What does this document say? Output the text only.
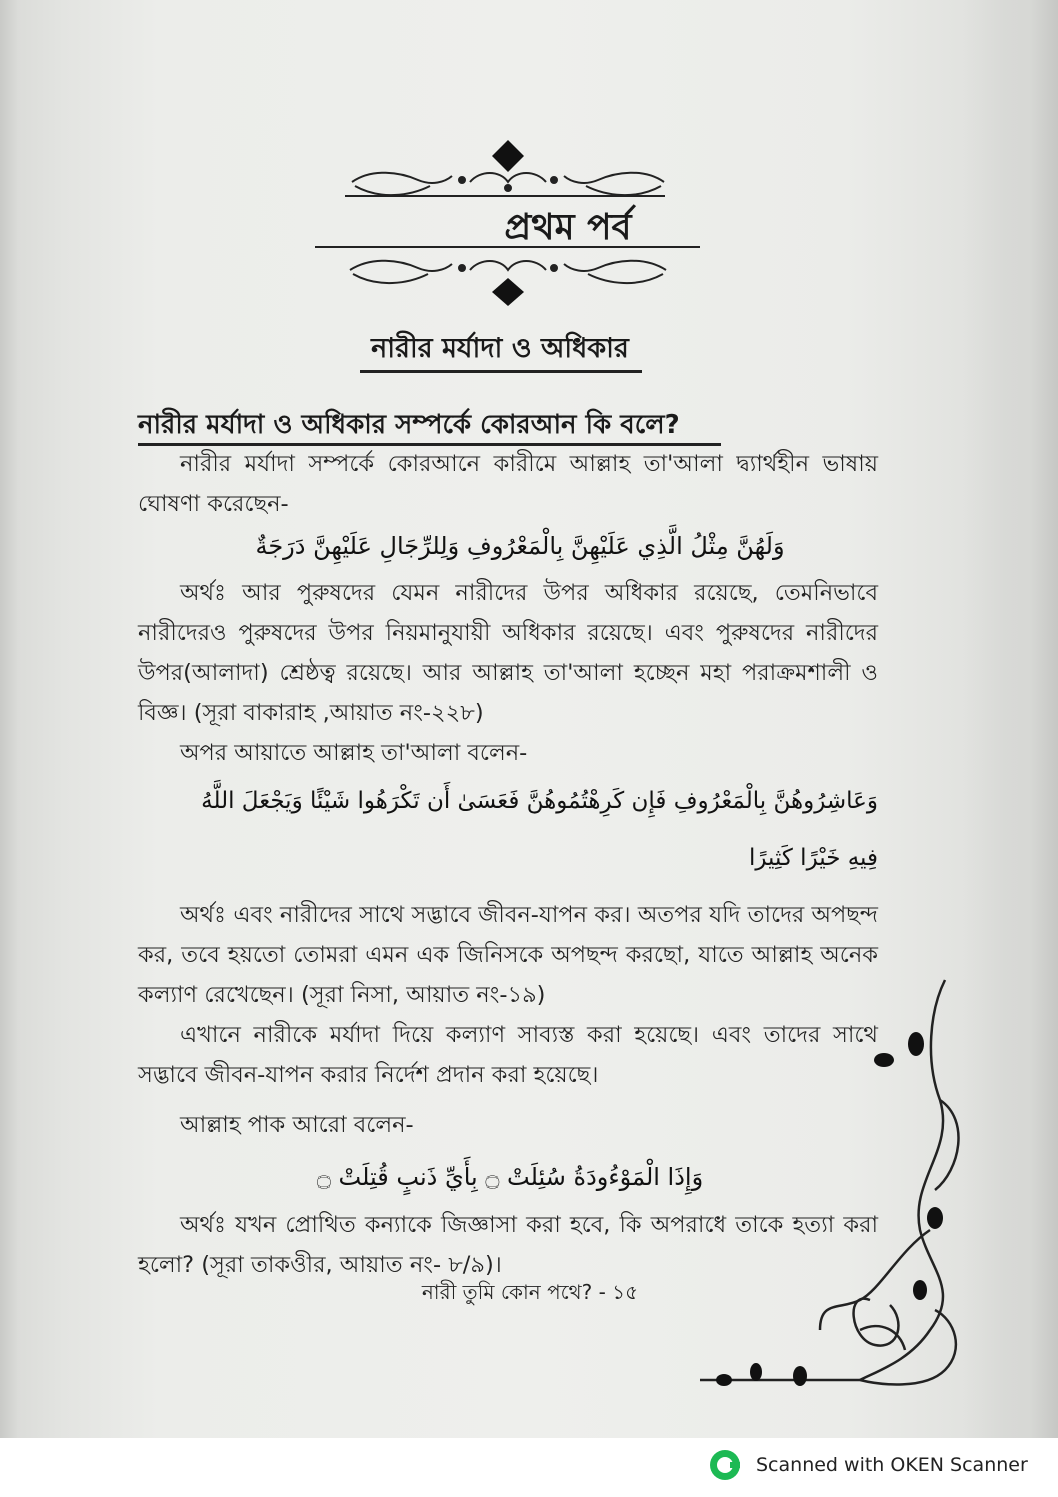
প্রথম পর্ব
নারীর মর্যাদা ও অধিকার
নারীর মর্যাদা ও অধিকার সম্পর্কে কোরআন কি বলে?
নারীর মর্যাদা সম্পর্কে কোরআনে কারীমে আল্লাহ তা'আলা দ্ব্যার্থহীন ভাষায় ঘোষণা করেছেন-
وَلَهُنَّ مِثْلُ الَّذِي عَلَيْهِنَّ بِالْمَعْرُوفِ وَلِلرِّجَالِ عَلَيْهِنَّ دَرَجَةٌ
অর্থঃ আর পুরুষদের যেমন নারীদের উপর অধিকার রয়েছে, তেমনিভাবে নারীদেরও পুরুষদের উপর নিয়মানুযায়ী অধিকার রয়েছে। এবং পুরুষদের নারীদের উপর(আলাদা) শ্রেষ্ঠত্ব রয়েছে। আর আল্লাহ তা'আলা হচ্ছেন মহা পরাক্রমশালী ও বিজ্ঞ। (সূরা বাকারাহ ,আয়াত নং-২২৮)
অপর আয়াতে আল্লাহ তা'আলা বলেন-
وَعَاشِرُوهُنَّ بِالْمَعْرُوفِ فَإِن كَرِهْتُمُوهُنَّ فَعَسَىٰ أَن تَكْرَهُوا شَيْئًا وَيَجْعَلَ اللَّهُ
فِيهِ خَيْرًا كَثِيرًا
অর্থঃ এবং নারীদের সাথে সদ্ভাবে জীবন-যাপন কর। অতপর যদি তাদের অপছন্দ কর, তবে হয়তো তোমরা এমন এক জিনিসকে অপছন্দ করছো, যাতে আল্লাহ অনেক কল্যাণ রেখেছেন। (সূরা নিসা, আয়াত নং-১৯)
এখানে নারীকে মর্যাদা দিয়ে কল্যাণ সাব্যস্ত করা হয়েছে। এবং তাদের সাথে সদ্ভাবে জীবন-যাপন করার নির্দেশ প্রদান করা হয়েছে।
আল্লাহ পাক আরো বলেন-
وَإِذَا الْمَوْءُودَةُ سُئِلَتْ ۝ بِأَيِّ ذَنبٍ قُتِلَتْ ۝
অর্থঃ যখন প্রোথিত কন্যাকে জিজ্ঞাসা করা হবে, কি অপরাধে তাকে হত্যা করা হলো? (সূরা তাকওীর, আয়াত নং- ৮/৯)।
নারী তুমি কোন পথে? - ১৫
Scanned with OKEN Scanner
